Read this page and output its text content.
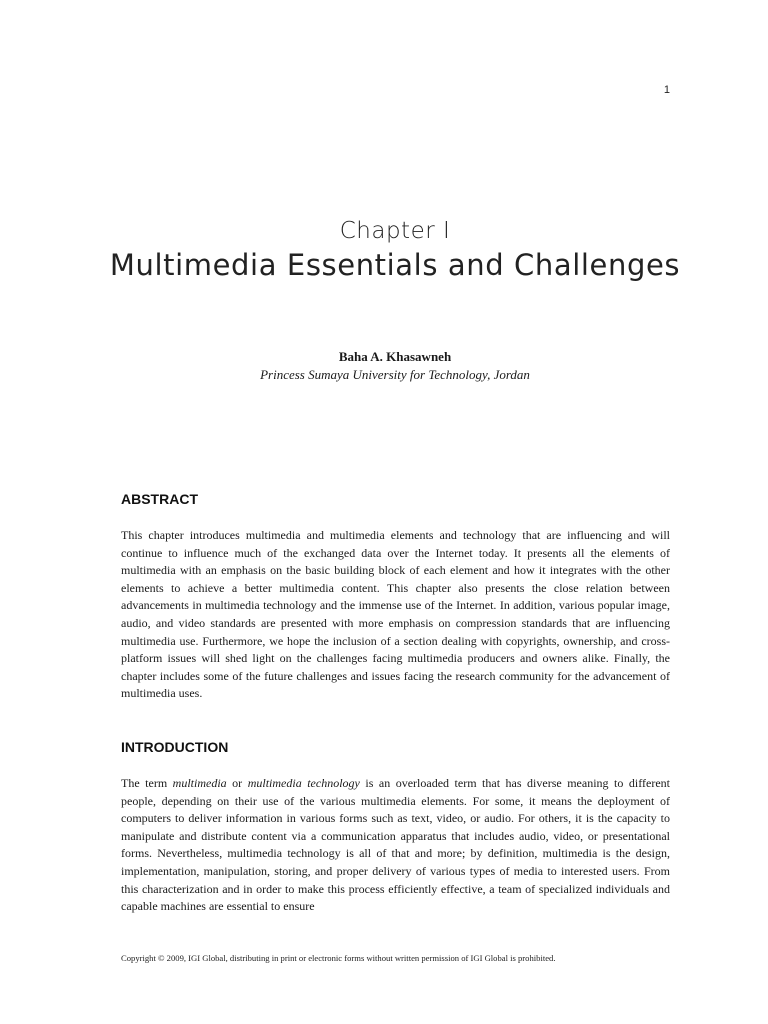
1
Chapter I
Multimedia Essentials and Challenges
Baha A. Khasawneh
Princess Sumaya University for Technology, Jordan
ABSTRACT
This chapter introduces multimedia and multimedia elements and technology that are influencing and will continue to influence much of the exchanged data over the Internet today. It presents all the elements of multimedia with an emphasis on the basic building block of each element and how it integrates with the other elements to achieve a better multimedia content. This chapter also presents the close relation between advancements in multimedia technology and the immense use of the Internet. In addition, various popular image, audio, and video standards are presented with more emphasis on compression standards that are influencing multimedia use. Furthermore, we hope the inclusion of a section dealing with copyrights, ownership, and cross-platform issues will shed light on the challenges facing multimedia producers and owners alike. Finally, the chapter includes some of the future challenges and issues facing the research community for the advancement of multimedia uses.
INTRODUCTION
The term multimedia or multimedia technology is an overloaded term that has diverse meaning to different people, depending on their use of the various multimedia elements. For some, it means the deployment of computers to deliver information in various forms such as text, video, or audio. For others, it is the capacity to manipulate and distribute content via a communication apparatus that includes audio, video, or presentational forms. Nevertheless, multimedia technology is all of that and more; by definition, multimedia is the design, implementation, manipulation, storing, and proper delivery of various types of media to interested users. From this characterization and in order to make this process efficiently effective, a team of specialized individuals and capable machines are essential to ensure
Copyright © 2009, IGI Global, distributing in print or electronic forms without written permission of IGI Global is prohibited.
